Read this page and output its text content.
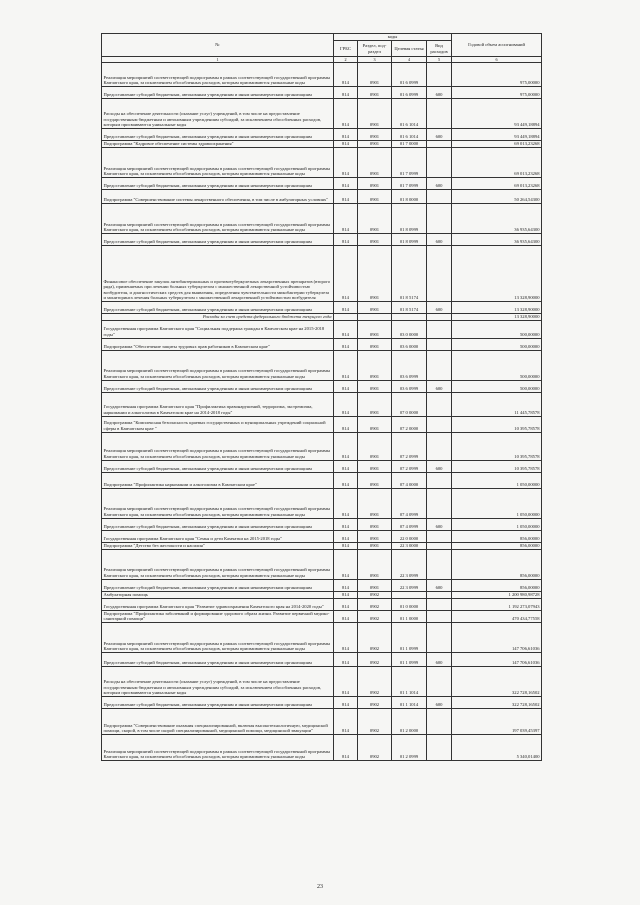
№	коды				Годовой объем ассигнований	
	ГРБС	Раздел, под-раздел	Целевая статья	Вид расходов		
1	2	3	4	5	6	
Реализация мероприятий соответствующей подпрограммы в рамках соответствующей государственной программы Камчатского края, за исключением обособленных расходов, которым присваиваются уникальные коды	814	0901	01 6 0999		975,00000	
Предоставление субсидий бюджетным, автономным учреждениям и иным некоммерческим организациям	814	0901	01 6 0999	600	975,00000	
Расходы на обеспечение деятельности (оказание услуг) учреждений, в том числе на предоставление государственным бюджетным и автономным учреждениям субсидий, за исключением обособленных расходов, которым присваиваются уникальные коды	814	0901	01 6 1014		93 449,18894	
Предоставление субсидий бюджетным, автономным учреждениям и иным некоммерческим организациям	814	0901	01 6 1014	600	93 449,18894	
Подпрограмма "Кадровое обеспечение системы здравоохранения"	814	0901	01 7 0000		69 013,23268	
Реализация мероприятий соответствующей подпрограммы в рамках соответствующей государственной программы Камчатского края, за исключением обособленных расходов, которым присваиваются уникальные коды	814	0901	01 7 0999		69 013,23268	
Предоставление субсидий бюджетным, автономным учреждениям и иным некоммерческим организациям	814	0901	01 7 0999	600	69 013,23268	
Подпрограмма "Совершенствование системы лекарственного обеспечения, в том числе в амбулаторных условиях"	814	0901	01 8 0000		50 264,54300	
Реализация мероприятий соответствующей подпрограммы в рамках соответствующей государственной программы Камчатского края, за исключением обособленных расходов, которым присваиваются уникальные коды	814	0901	01 8 0999		36 935,64300	
Предоставление субсидий бюджетным, автономным учреждениям и иным некоммерческим организациям	814	0901	01 8 0999	600	36 935,64300	
Финансовое обеспечение закупок антибактериальных и противотуберкулезных лекарственных препаратов (второго ряда), применяемых при лечении больных туберкулезом с множественной лекарственной устойчивостью возбудителя, и диагностических средств для выявления, определения чувствительности микобактерии туберкулеза и мониторинга лечения больных туберкулезом с множественной лекарственной устойчивостью возбудителя	814	0901	01 8 5174		13 328,90000	
Предоставление субсидий бюджетным, автономным учреждениям и иным некоммерческим организациям	814	0901	01 8 5174	600	13 328,90000	
Расходы за счет средств федерального бюджета текущего года					13 328,90000	
Государственная программа Камчатского края "Социальная поддержка граждан в Камчатском крае на 2015-2018 годы"	814	0901	03 0 0000		500,00000	
Подпрограмма "Обеспечение защиты трудовых прав работников в Камчатском крае"	814	0901	03 6 0000		500,00000	
Реализация мероприятий соответствующей подпрограммы в рамках соответствующей государственной программы Камчатского края, за исключением обособленных расходов, которым присваиваются уникальные коды	814	0901	03 6 0999		500,00000	
Предоставление субсидий бюджетным, автономным учреждениям и иным некоммерческим организациям	814	0901	03 6 0999	600	500,00000	
Государственная программа Камчатского края "Профилактика правонарушений, терроризма, экстремизма, наркомании и алкоголизма в Камчатском крае на 2014-2018 годы"	814	0901	07 0 0000		11 445,78578	
Подпрограмма "Комплексная безопасность краевых государственных и муниципальных учреждений социальной сферы в Камчатском крае "	814	0901	07 2 0000		10 395,78578	
Реализация мероприятий соответствующей подпрограммы в рамках соответствующей государственной программы Камчатского края, за исключением обособленных расходов, которым присваиваются уникальные коды	814	0901	07 2 0999		10 395,78578	
Предоставление субсидий бюджетным, автономным учреждениям и иным некоммерческим организациям	814	0901	07 2 0999	600	10 395,78578	
Подпрограмма "Профилактика наркомании и алкоголизма в Камчатском крае"	814	0901	07 4 0000		1 050,00000	
Реализация мероприятий соответствующей подпрограммы в рамках соответствующей государственной программы Камчатского края, за исключением обособленных расходов, которым присваиваются уникальные коды	814	0901	07 4 0999		1 050,00000	
Предоставление субсидий бюджетным, автономным учреждениям и иным некоммерческим организациям	814	0901	07 4 0999	600	1 050,00000	
Государственная программа Камчатского края "Семья и дети Камчатки на 2015-2018 годы"	814	0901	22 0 0000		856,00000	
Подпрограмма "Детство без жестокости и насилия"	814	0901	22 3 0000		856,00000	
Реализация мероприятий соответствующей подпрограммы в рамках соответствующей государственной программы Камчатского края, за исключением обособленных расходов, которым присваиваются уникальные коды	814	0901	22 3 0999		856,00000	
Предоставление субсидий бюджетным, автономным учреждениям и иным некоммерческим организациям	814	0901	22 3 0999	600	856,00000	
Амбулаторная помощь	814	0902			1 200 980,98728	
Государственная программа Камчатского края "Развитие здравоохранения Камчатского края на 2014-2020 годы"	814	0902	01 0 0000		1 192 273,07943	
Подпрограмма "Профилактика заболеваний и формирование здорового образа жизни. Развитие первичной медико-санитарной помощи"	814	0902	01 1 0000		470 434,77558	
Реализация мероприятий соответствующей подпрограммы в рамках соответствующей государственной программы Камчатского края, за исключением обособленных расходов, которым присваиваются уникальные коды	814	0902	01 1 0999		147 706,61036	
Предоставление субсидий бюджетным, автономным учреждениям и иным некоммерческим организациям	814	0902	01 1 0999	600	147 706,61036	
Расходы на обеспечение деятельности (оказание услуг) учреждений, в том числе на предоставление государственным бюджетным и автономным учреждениям субсидий, за исключением обособленных расходов, которым присваиваются уникальные коды	814	0902	01 1 1014		322 728,16502	
Предоставление субсидий бюджетным, автономным учреждениям и иным некоммерческим организациям	814	0902	01 1 1014	600	322 728,16502	
Подпрограмма "Совершенствование оказания специализированной, включая высокотехнологичную, медицинской помощи, скорой, в том числе скорой специализированной, медицинской помощи, медицинской эвакуации"	814	0902	01 2 0000		197 039,45397	
Реализация мероприятий соответствующей подпрограммы в рамках соответствующей государственной программы Камчатского края, за исключением обособленных расходов, которым присваиваются уникальные коды	814	0902	01 2 0999		5 340,01400	
23
